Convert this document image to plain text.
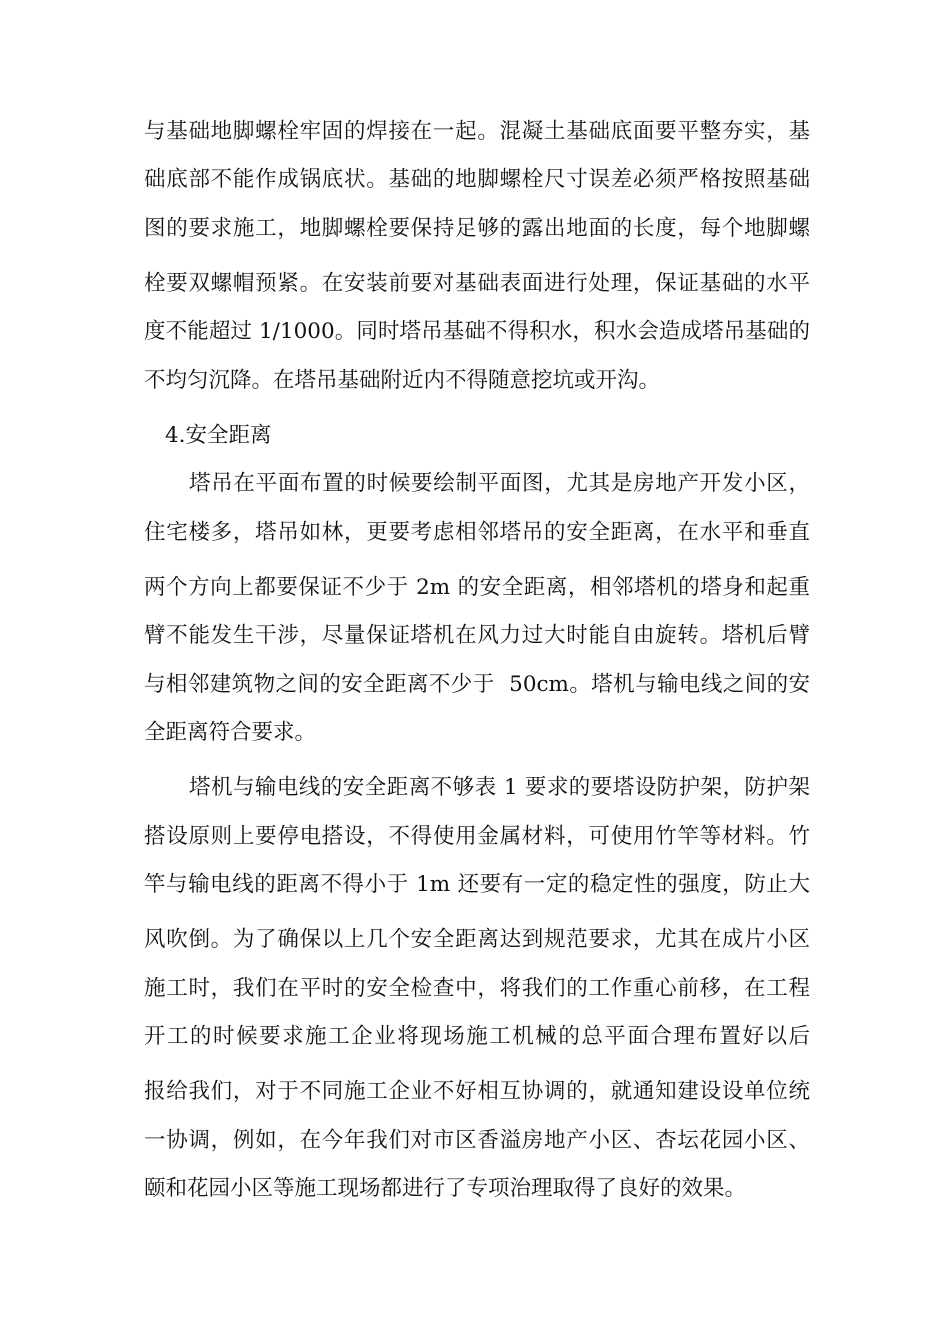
与基础地脚螺栓牢固的焊接在一起。混凝土基础底面要平整夯实，基
础底部不能作成锅底状。基础的地脚螺栓尺寸误差必须严格按照基础
图的要求施工，地脚螺栓要保持足够的露出地面的长度，每个地脚螺
栓要双螺帽预紧。在安装前要对基础表面进行处理，保证基础的水平
度不能超过 1/1000。同时塔吊基础不得积水，积水会造成塔吊基础的
不均匀沉降。在塔吊基础附近内不得随意挖坑或开沟。
4.安全距离
塔吊在平面布置的时候要绘制平面图，尤其是房地产开发小区，
住宅楼多，塔吊如林，更要考虑相邻塔吊的安全距离，在水平和垂直
两个方向上都要保证不少于 2m 的安全距离，相邻塔机的塔身和起重
臂不能发生干涉，尽量保证塔机在风力过大时能自由旋转。塔机后臂
与相邻建筑物之间的安全距离不少于  50cm。塔机与输电线之间的安
全距离符合要求。
塔机与输电线的安全距离不够表 1 要求的要塔设防护架，防护架
搭设原则上要停电搭设，不得使用金属材料，可使用竹竿等材料。竹
竿与输电线的距离不得小于 1m 还要有一定的稳定性的强度，防止大
风吹倒。为了确保以上几个安全距离达到规范要求，尤其在成片小区
施工时，我们在平时的安全检查中，将我们的工作重心前移，在工程
开工的时候要求施工企业将现场施工机械的总平面合理布置好以后
报给我们，对于不同施工企业不好相互协调的，就通知建设设单位统
一协调，例如，在今年我们对市区香溢房地产小区、杏坛花园小区、
颐和花园小区等施工现场都进行了专项治理取得了良好的效果。
